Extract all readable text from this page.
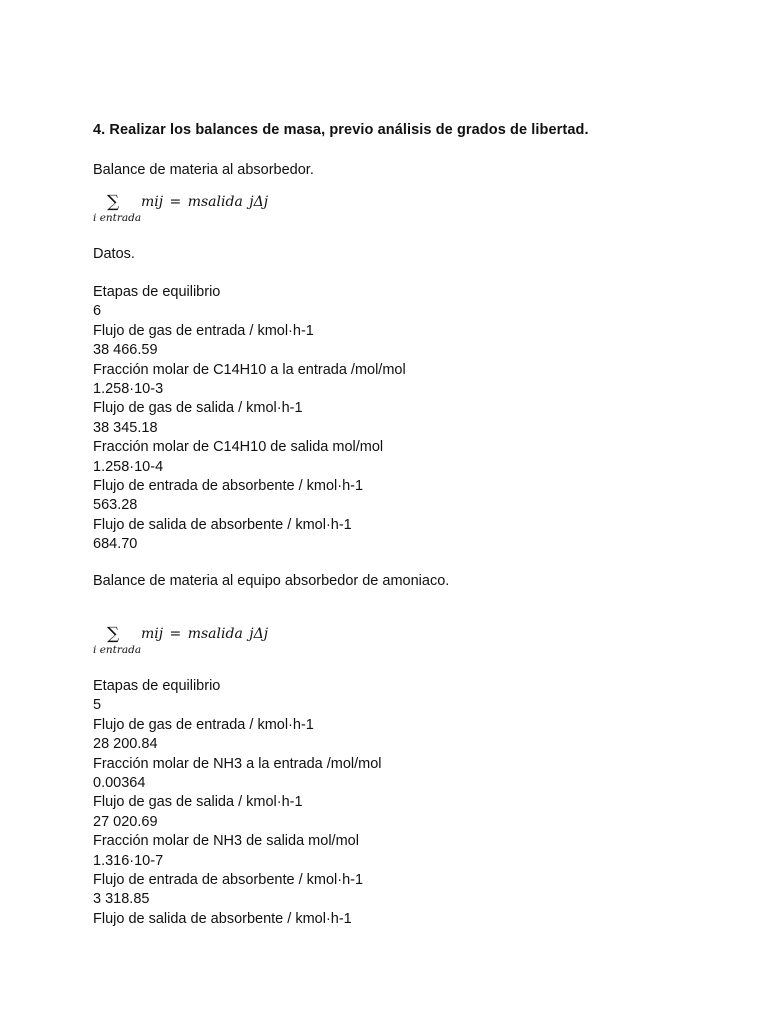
4. Realizar los balances de masa, previo análisis de grados de libertad.
Balance de materia al absorbedor.
∑
i entrada
mij = msalida jΔj
Datos.
Etapas de equilibrio
6
Flujo de gas de entrada / kmol·h-1
38 466.59
Fracción molar de C14H10 a la entrada /mol/mol
1.258·10-3
Flujo de gas de salida / kmol·h-1
38 345.18
Fracción molar de C14H10 de salida mol/mol
1.258·10-4
Flujo de entrada de absorbente / kmol·h-1
563.28
Flujo de salida de absorbente / kmol·h-1
684.70
Balance de materia al equipo absorbedor de amoniaco.
∑
i entrada
mij = msalida jΔj
Etapas de equilibrio
5
Flujo de gas de entrada / kmol·h-1
28 200.84
Fracción molar de NH3 a la entrada /mol/mol
0.00364
Flujo de gas de salida / kmol·h-1
27 020.69
Fracción molar de NH3 de salida mol/mol
1.316·10-7
Flujo de entrada de absorbente / kmol·h-1
3 318.85
Flujo de salida de absorbente / kmol·h-1
